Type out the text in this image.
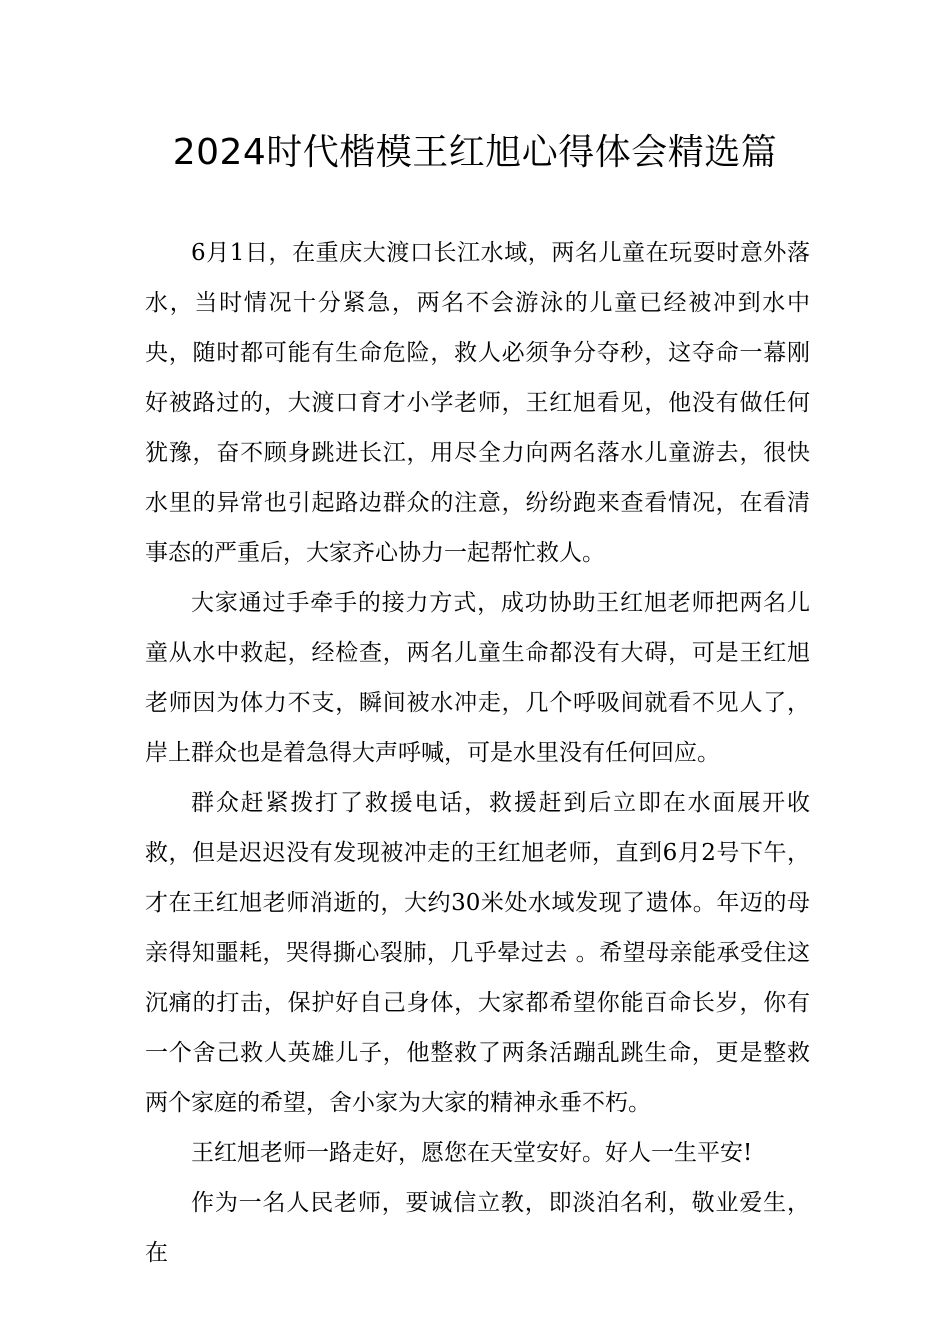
2024时代楷模王红旭心得体会精选篇

6月1日，在重庆大渡口长江水域，两名儿童在玩耍时意外落水，当时情况十分紧急，两名不会游泳的儿童已经被冲到水中央，随时都可能有生命危险，救人必须争分夺秒，这夺命一幕刚好被路过的，大渡口育才小学老师，王红旭看见，他没有做任何犹豫，奋不顾身跳进长江，用尽全力向两名落水儿童游去，很快水里的异常也引起路边群众的注意，纷纷跑来查看情况，在看清事态的严重后，大家齐心协力一起帮忙救人。

大家通过手牵手的接力方式，成功协助王红旭老师把两名儿童从水中救起，经检查，两名儿童生命都没有大碍，可是王红旭老师因为体力不支，瞬间被水冲走，几个呼吸间就看不见人了，岸上群众也是着急得大声呼喊，可是水里没有任何回应。

群众赶紧拨打了救援电话，救援赶到后立即在水面展开收救，但是迟迟没有发现被冲走的王红旭老师，直到6月2号下午，才在王红旭老师消逝的，大约30米处水域发现了遗体。年迈的母亲得知噩耗，哭得撕心裂肺，几乎晕过去 。希望母亲能承受住这沉痛的打击，保护好自己身体，大家都希望你能百命长岁，你有一个舍己救人英雄儿子，他整救了两条活蹦乱跳生命，更是整救两个家庭的希望，舍小家为大家的精神永垂不朽。

王红旭老师一路走好，愿您在天堂安好。好人一生平安!

作为一名人民老师，要诚信立教，即淡泊名利，敬业爱生，在
